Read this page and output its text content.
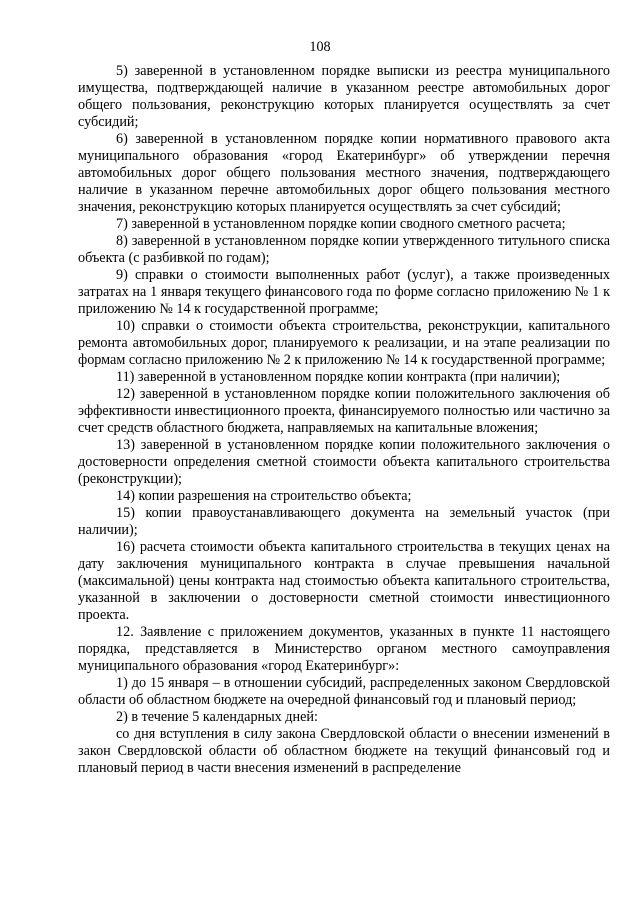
108

5) заверенной в установленном порядке выписки из реестра муниципального имущества, подтверждающей наличие в указанном реестре автомобильных дорог общего пользования, реконструкцию которых планируется осуществлять за счет субсидий;

6) заверенной в установленном порядке копии нормативного правового акта муниципального образования «город Екатеринбург» об утверждении перечня автомобильных дорог общего пользования местного значения, подтверждающего наличие в указанном перечне автомобильных дорог общего пользования местного значения, реконструкцию которых планируется осуществлять за счет субсидий;

7) заверенной в установленном порядке копии сводного сметного расчета;

8) заверенной в установленном порядке копии утвержденного титульного списка объекта (с разбивкой по годам);

9) справки о стоимости выполненных работ (услуг), а также произведенных затратах на 1 января текущего финансового года по форме согласно приложению № 1 к приложению № 14 к государственной программе;

10) справки о стоимости объекта строительства, реконструкции, капитального ремонта автомобильных дорог, планируемого к реализации, и на этапе реализации по формам согласно приложению № 2 к приложению № 14 к государственной программе;

11) заверенной в установленном порядке копии контракта (при наличии);

12) заверенной в установленном порядке копии положительного заключения об эффективности инвестиционного проекта, финансируемого полностью или частично за счет средств областного бюджета, направляемых на капитальные вложения;

13) заверенной в установленном порядке копии положительного заключения о достоверности определения сметной стоимости объекта капитального строительства (реконструкции);

14) копии разрешения на строительство объекта;

15) копии правоустанавливающего документа на земельный участок (при наличии);

16) расчета стоимости объекта капитального строительства в текущих ценах на дату заключения муниципального контракта в случае превышения начальной (максимальной) цены контракта над стоимостью объекта капитального строительства, указанной в заключении о достоверности сметной стоимости инвестиционного проекта.

12. Заявление с приложением документов, указанных в пункте 11 настоящего порядка, представляется в Министерство органом местного самоуправления муниципального образования «город Екатеринбург»:

1) до 15 января – в отношении субсидий, распределенных законом Свердловской области об областном бюджете на очередной финансовый год и плановый период;

2) в течение 5 календарных дней:

со дня вступления в силу закона Свердловской области о внесении изменений в закон Свердловской области об областном бюджете на текущий финансовый год и плановый период в части внесения изменений в распределение
